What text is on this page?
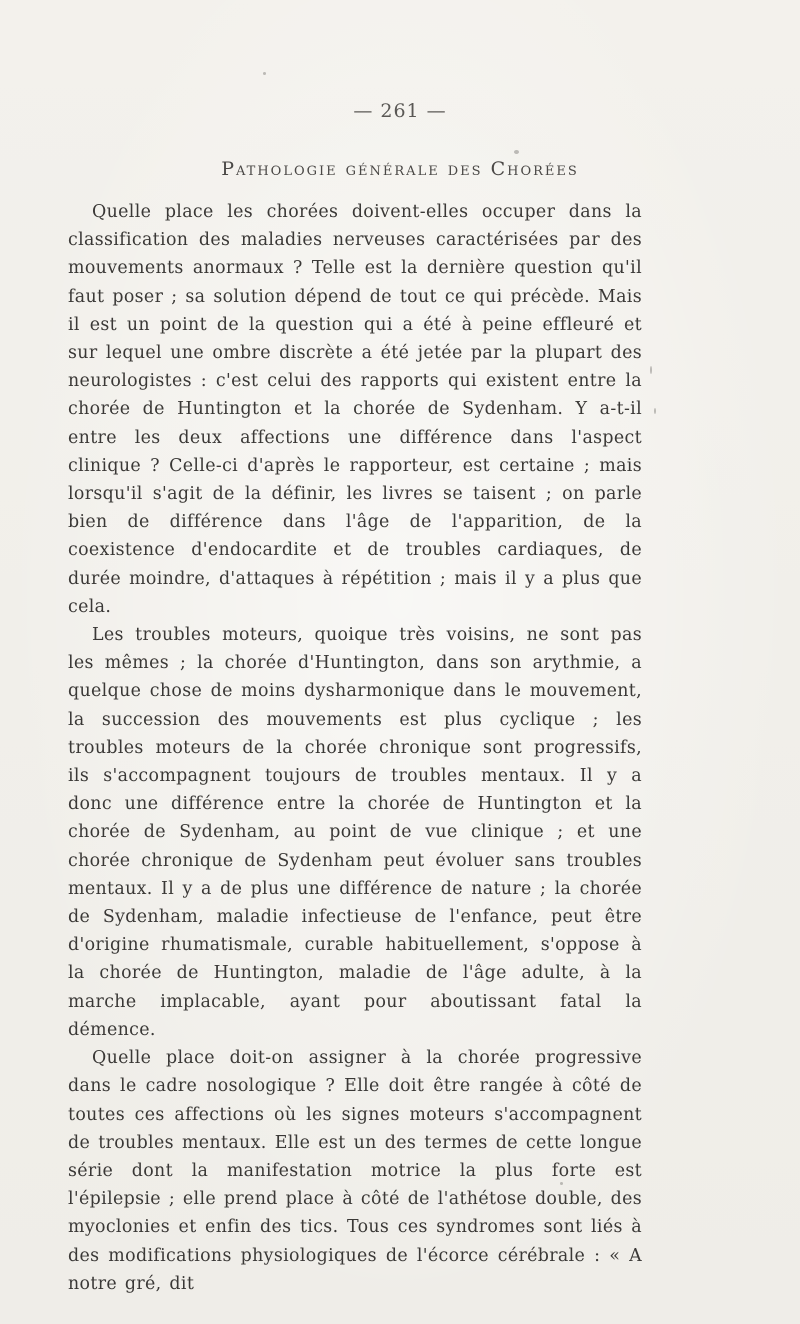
— 261 —
Pathologie générale des Chorées

Quelle place les chorées doivent-elles occuper dans la classification des maladies nerveuses caractérisées par des mouvements anormaux ? Telle est la dernière question qu'il faut poser ; sa solution dépend de tout ce qui précède. Mais il est un point de la question qui a été à peine effleuré et sur lequel une ombre discrète a été jetée par la plupart des neurologistes : c'est celui des rapports qui existent entre la chorée de Huntington et la chorée de Sydenham. Y a-t-il entre les deux affections une différence dans l'aspect clinique ? Celle-ci d'après le rapporteur, est certaine ; mais lorsqu'il s'agit de la définir, les livres se taisent ; on parle bien de différence dans l'âge de l'apparition, de la coexistence d'endocardite et de troubles cardiaques, de durée moindre, d'attaques à répétition ; mais il y a plus que cela.

Les troubles moteurs, quoique très voisins, ne sont pas les mêmes ; la chorée d'Huntington, dans son arythmie, a quelque chose de moins dysharmonique dans le mouvement, la succession des mouvements est plus cyclique ; les troubles moteurs de la chorée chronique sont progressifs, ils s'accompagnent toujours de troubles mentaux. Il y a donc une différence entre la chorée de Huntington et la chorée de Sydenham, au point de vue clinique ; et une chorée chronique de Sydenham peut évoluer sans troubles mentaux. Il y a de plus une différence de nature ; la chorée de Sydenham, maladie infectieuse de l'enfance, peut être d'origine rhumatismale, curable habituellement, s'oppose à la chorée de Huntington, maladie de l'âge adulte, à la marche implacable, ayant pour aboutissant fatal la démence.

Quelle place doit-on assigner à la chorée progressive dans le cadre nosologique ? Elle doit être rangée à côté de toutes ces affections où les signes moteurs s'accompagnent de troubles mentaux. Elle est un des termes de cette longue série dont la manifestation motrice la plus forte est l'épilepsie ; elle prend place à côté de l'athétose double, des myoclonies et enfin des tics. Tous ces syndromes sont liés à des modifications physiologiques de l'écorce cérébrale : « A notre gré, dit
